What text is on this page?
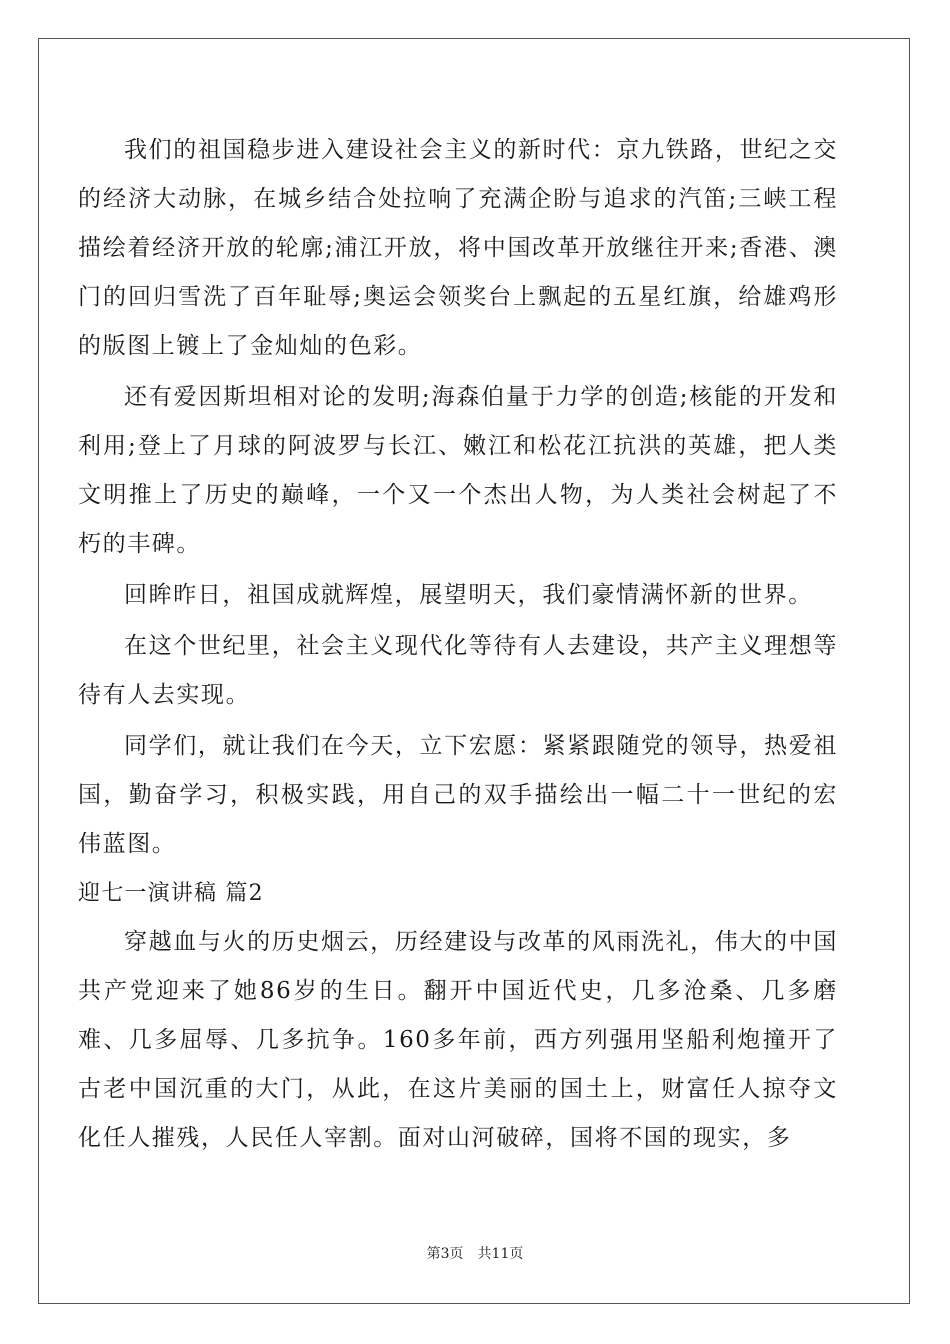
我们的祖国稳步进入建设社会主义的新时代：京九铁路，世纪之交的经济大动脉，在城乡结合处拉响了充满企盼与追求的汽笛;三峡工程描绘着经济开放的轮廓;浦江开放，将中国改革开放继往开来;香港、澳门的回归雪洗了百年耻辱;奥运会领奖台上飘起的五星红旗，给雄鸡形的版图上镀上了金灿灿的色彩。

还有爱因斯坦相对论的发明;海森伯量于力学的创造;核能的开发和利用;登上了月球的阿波罗与长江、嫩江和松花江抗洪的英雄，把人类文明推上了历史的巅峰，一个又一个杰出人物，为人类社会树起了不朽的丰碑。

回眸昨日，祖国成就辉煌，展望明天，我们豪情满怀新的世界。

在这个世纪里，社会主义现代化等待有人去建设，共产主义理想等待有人去实现。

同学们，就让我们在今天，立下宏愿：紧紧跟随党的领导，热爱祖国，勤奋学习，积极实践，用自己的双手描绘出一幅二十一世纪的宏伟蓝图。

迎七一演讲稿 篇2

穿越血与火的历史烟云，历经建设与改革的风雨洗礼，伟大的中国共产党迎来了她86岁的生日。翻开中国近代史，几多沧桑、几多磨难、几多屈辱、几多抗争。160多年前，西方列强用坚船利炮撞开了古老中国沉重的大门，从此，在这片美丽的国土上，财富任人掠夺文化任人摧残，人民任人宰割。面对山河破碎，国将不国的现实，多

第3页　共11页
